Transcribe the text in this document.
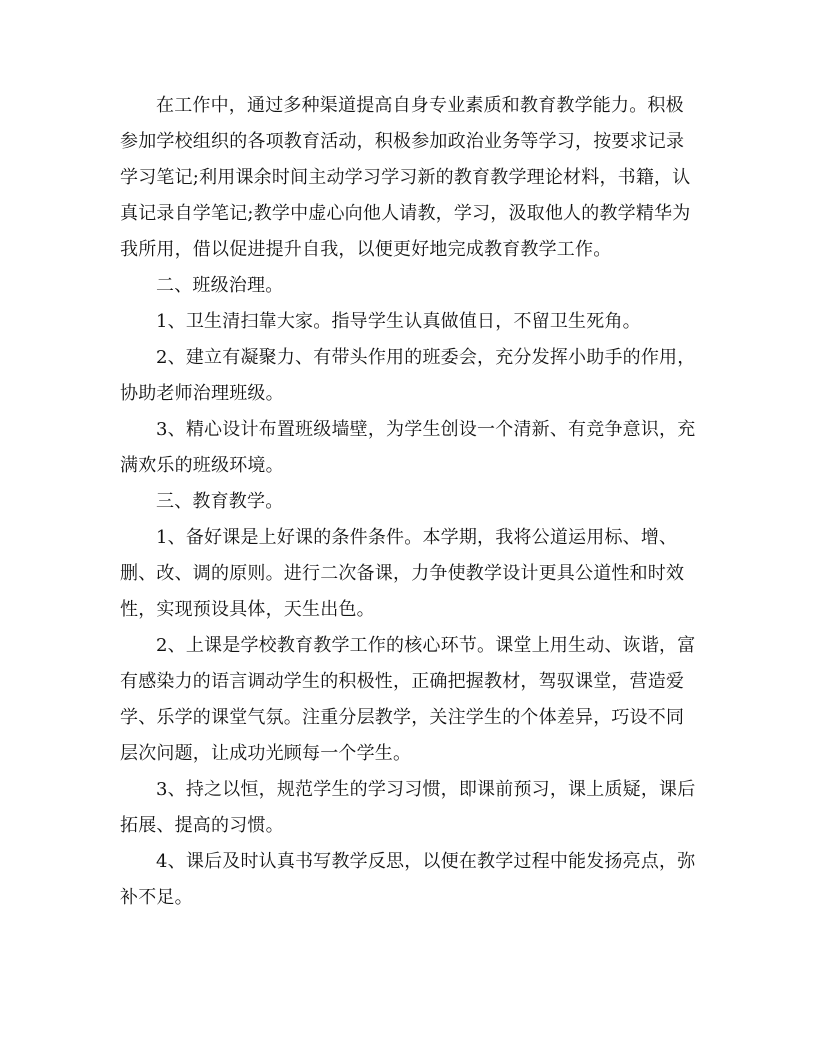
在工作中，通过多种渠道提高自身专业素质和教育教学能力。积极参加学校组织的各项教育活动，积极参加政治业务等学习，按要求记录学习笔记;利用课余时间主动学习学习新的教育教学理论材料，书籍，认真记录自学笔记;教学中虚心向他人请教，学习，汲取他人的教学精华为我所用，借以促进提升自我，以便更好地完成教育教学工作。

二、班级治理。

1、卫生清扫靠大家。指导学生认真做值日，不留卫生死角。

2、建立有凝聚力、有带头作用的班委会，充分发挥小助手的作用，协助老师治理班级。

3、精心设计布置班级墙壁，为学生创设一个清新、有竞争意识，充满欢乐的班级环境。

三、教育教学。

1、备好课是上好课的条件条件。本学期，我将公道运用标、增、删、改、调的原则。进行二次备课，力争使教学设计更具公道性和时效性，实现预设具体，天生出色。

2、上课是学校教育教学工作的核心环节。课堂上用生动、诙谐，富有感染力的语言调动学生的积极性，正确把握教材，驾驭课堂，营造爱学、乐学的课堂气氛。注重分层教学，关注学生的个体差异，巧设不同层次问题，让成功光顾每一个学生。

3、持之以恒，规范学生的学习习惯，即课前预习，课上质疑，课后拓展、提高的习惯。

4、课后及时认真书写教学反思，以便在教学过程中能发扬亮点，弥补不足。
